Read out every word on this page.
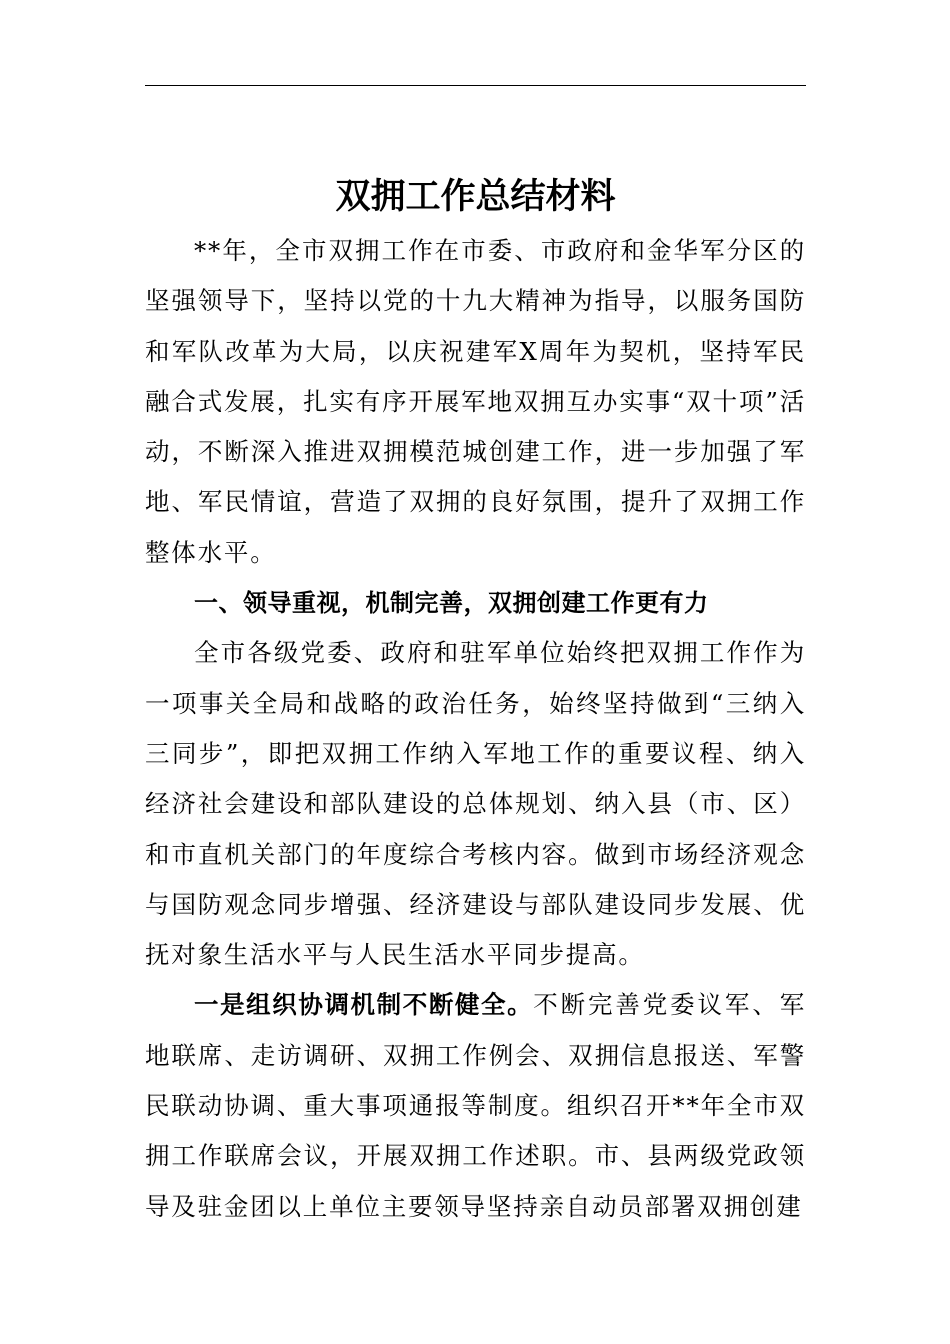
双拥工作总结材料

**年，全市双拥工作在市委、市政府和金华军分区的坚强领导下，坚持以党的十九大精神为指导，以服务国防和军队改革为大局，以庆祝建军X周年为契机，坚持军民融合式发展，扎实有序开展军地双拥互办实事“双十项”活动，不断深入推进双拥模范城创建工作，进一步加强了军地、军民情谊，营造了双拥的良好氛围，提升了双拥工作整体水平。

一、领导重视，机制完善，双拥创建工作更有力

全市各级党委、政府和驻军单位始终把双拥工作作为一项事关全局和战略的政治任务，始终坚持做到“三纳入三同步”，即把双拥工作纳入军地工作的重要议程、纳入经济社会建设和部队建设的总体规划、纳入县（市、区）和市直机关部门的年度综合考核内容。做到市场经济观念与国防观念同步增强、经济建设与部队建设同步发展、优抚对象生活水平与人民生活水平同步提高。

一是组织协调机制不断健全。不断完善党委议军、军地联席、走访调研、双拥工作例会、双拥信息报送、军警民联动协调、重大事项通报等制度。组织召开**年全市双拥工作联席会议，开展双拥工作述职。市、县两级党政领导及驻金团以上单位主要领导坚持亲自动员部署双拥创建
